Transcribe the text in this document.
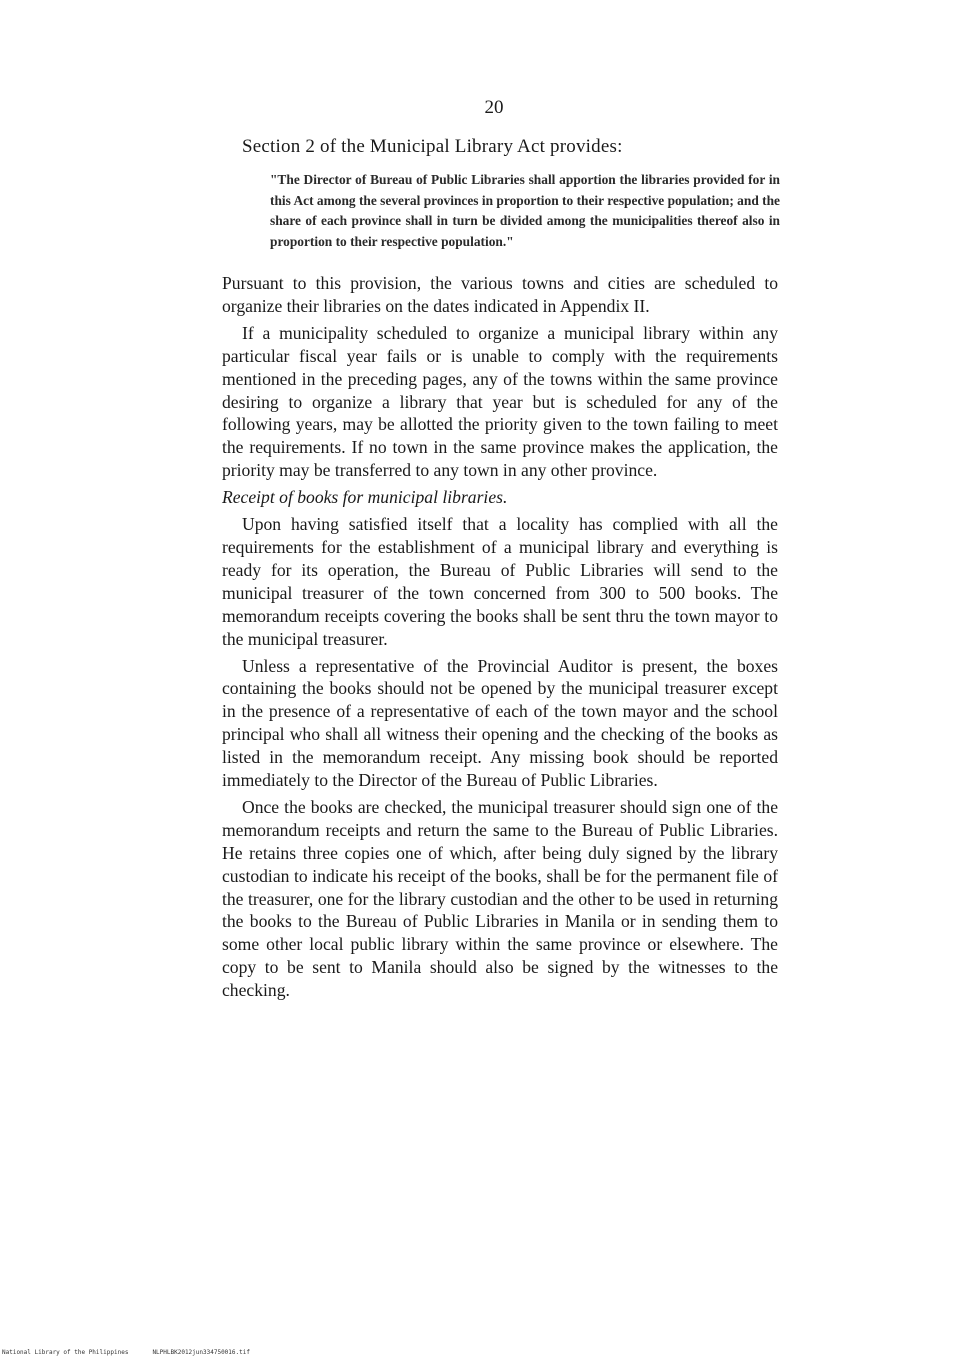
20
Section 2 of the Municipal Library Act provides:
"The Director of Bureau of Public Libraries shall apportion the libraries provided for in this Act among the several provinces in proportion to their respective population; and the share of each province shall in turn be divided among the municipalities thereof also in proportion to their respective population."

Pursuant to this provision, the various towns and cities are scheduled to organize their libraries on the dates indicated in Appendix II.

If a municipality scheduled to organize a municipal library within any particular fiscal year fails or is unable to comply with the requirements mentioned in the preceding pages, any of the towns within the same province desiring to organize a library that year but is scheduled for any of the following years, may be allotted the priority given to the town failing to meet the requirements. If no town in the same province makes the application, the priority may be transferred to any town in any other province.

Receipt of books for municipal libraries.

Upon having satisfied itself that a locality has complied with all the requirements for the establishment of a municipal library and everything is ready for its operation, the Bureau of Public Libraries will send to the municipal treasurer of the town concerned from 300 to 500 books. The memorandum receipts covering the books shall be sent thru the town mayor to the municipal treasurer.

Unless a representative of the Provincial Auditor is present, the boxes containing the books should not be opened by the municipal treasurer except in the presence of a representative of each of the town mayor and the school principal who shall all witness their opening and the checking of the books as listed in the memorandum receipt. Any missing book should be reported immediately to the Director of the Bureau of Public Libraries.

Once the books are checked, the municipal treasurer should sign one of the memorandum receipts and return the same to the Bureau of Public Libraries. He retains three copies one of which, after being duly signed by the library custodian to indicate his receipt of the books, shall be for the permanent file of the treasurer, one for the library custodian and the other to be used in returning the books to the Bureau of Public Libraries in Manila or in sending them to some other local public library within the same province or elsewhere. The copy to be sent to Manila should also be signed by the witnesses to the checking.

National Library of the Philippines	NLPHLBK2012jun334750016.tif
